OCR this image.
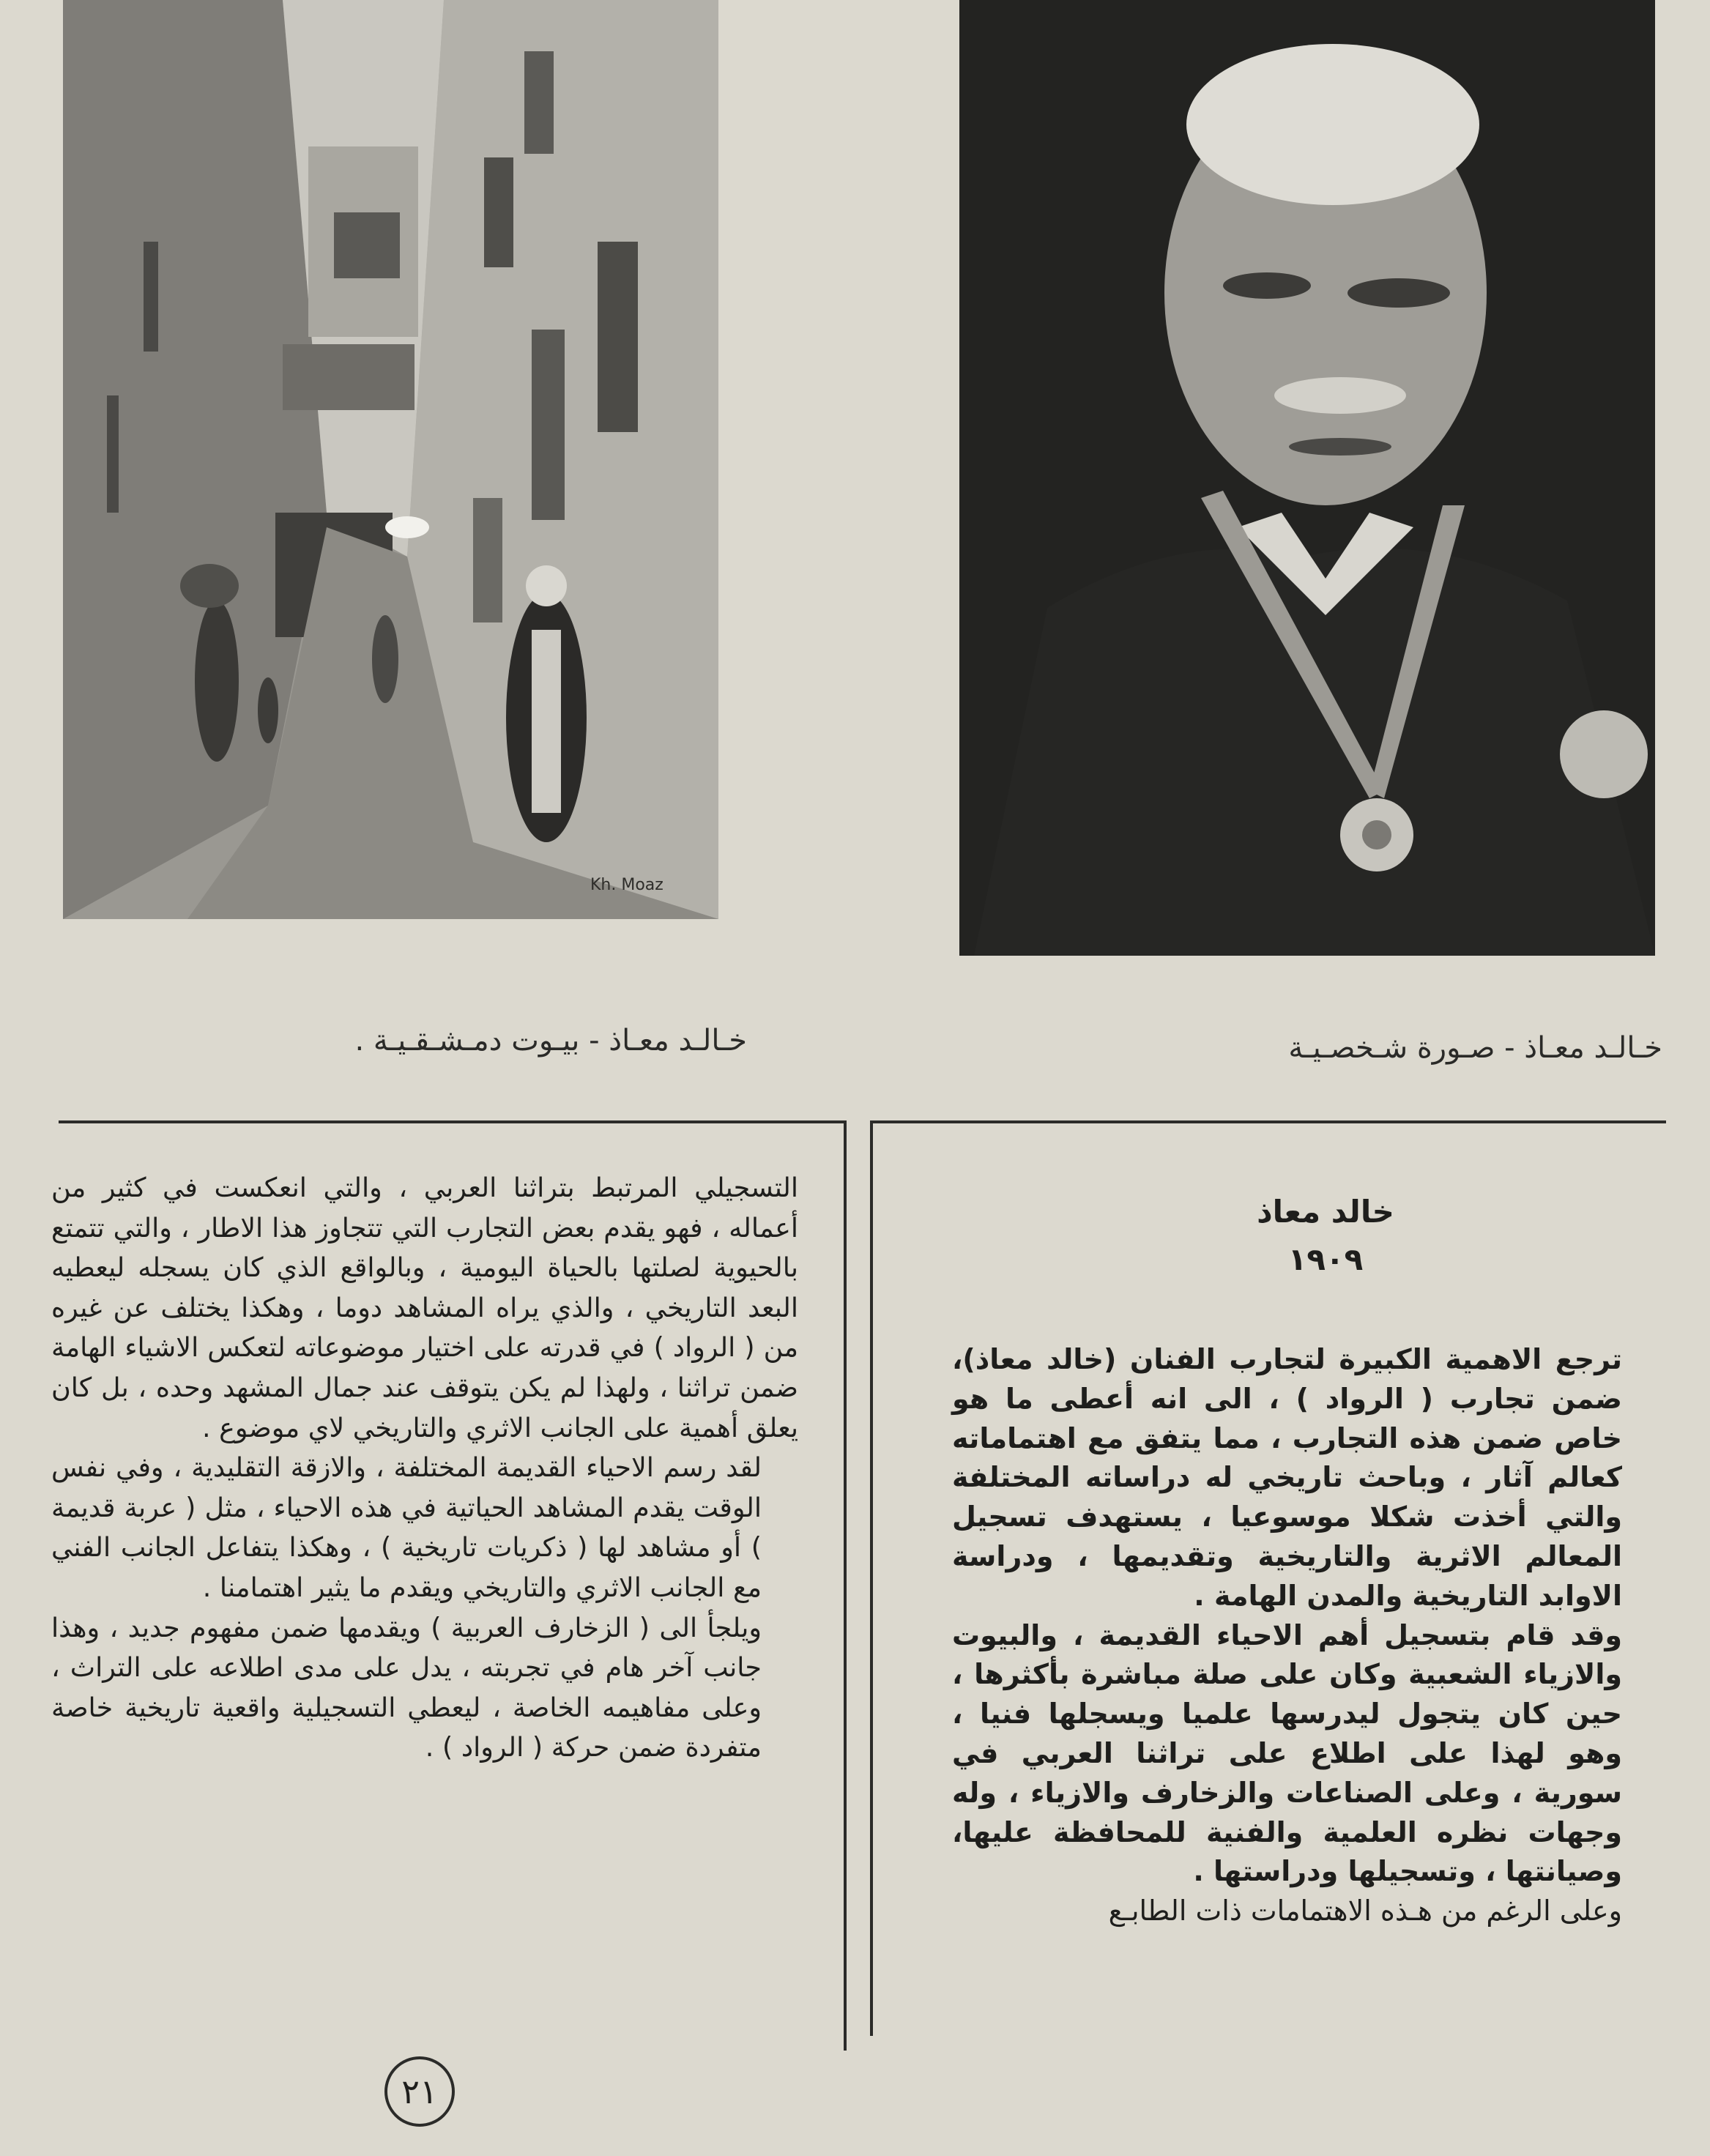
Kh. Moaz
خـالـد معـاذ - بيـوت دمـشـقـيـة .	خـالـد معـاذ - صـورة شـخصـيـة
خالد معاذ
١٩٠٩

ترجع الاهمية الكبيرة لتجارب الفنان (خالد معاذ)، ضمن تجارب ( الرواد ) ، الى انه أعطى ما هو خاص ضمن هذه التجارب ، مما يتفق مع اهتماماته كعالم آثار ، وباحث تاريخي له دراساته المختلفة والتي أخذت شكلا موسوعيا ، يستهدف تسجيل المعالم الاثرية والتاريخية وتقديمها ، ودراسة الاوابد التاريخية والمدن الهامة .

وقد قام بتسجيل أهم الاحياء القديمة ، والبيوت والازياء الشعبية وكان على صلة مباشرة بأكثرها ، حين كان يتجول ليدرسها علميا ويسجلها فنيا ، وهو لهذا على اطلاع على تراثنا العربي في سورية ، وعلى الصناعات والزخارف والازياء ، وله وجهات نظره العلمية والفنية للمحافظة عليها، وصيانتها ، وتسجيلها ودراستها .

وعلى الرغم من هـذه الاهتمامات ذات الطابـع

التسجيلي المرتبط بتراثنا العربي ، والتي انعكست في كثير من أعماله ، فهو يقدم بعض التجارب التي تتجاوز هذا الاطار ، والتي تتمتع بالحيوية لصلتها بالحياة اليومية ، وبالواقع الذي كان يسجله ليعطيه البعد التاريخي ، والذي يراه المشاهد دوما ، وهكذا يختلف عن غيره من ( الرواد ) في قدرته على اختيار موضوعاته لتعكس الاشياء الهامة ضمن تراثنا ، ولهذا لم يكن يتوقف عند جمال المشهد وحده ، بل كان يعلق أهمية على الجانب الاثري والتاريخي لاي موضوع .

لقد رسم الاحياء القديمة المختلفة ، والازقة التقليدية ، وفي نفس الوقت يقدم المشاهد الحياتية في هذه الاحياء ، مثل ( عربة قديمة ) أو مشاهد لها ( ذكريات تاريخية ) ، وهكذا يتفاعل الجانب الفني مع الجانب الاثري والتاريخي ويقدم ما يثير اهتمامنا .

ويلجأ الى ( الزخارف العربية ) ويقدمها ضمن مفهوم جديد ، وهذا جانب آخر هام في تجربته ، يدل على مدى اطلاعه على التراث ، وعلى مفاهيمه الخاصة ، ليعطي التسجيلية واقعية تاريخية خاصة متفردة ضمن حركة ( الرواد ) .

٢١
